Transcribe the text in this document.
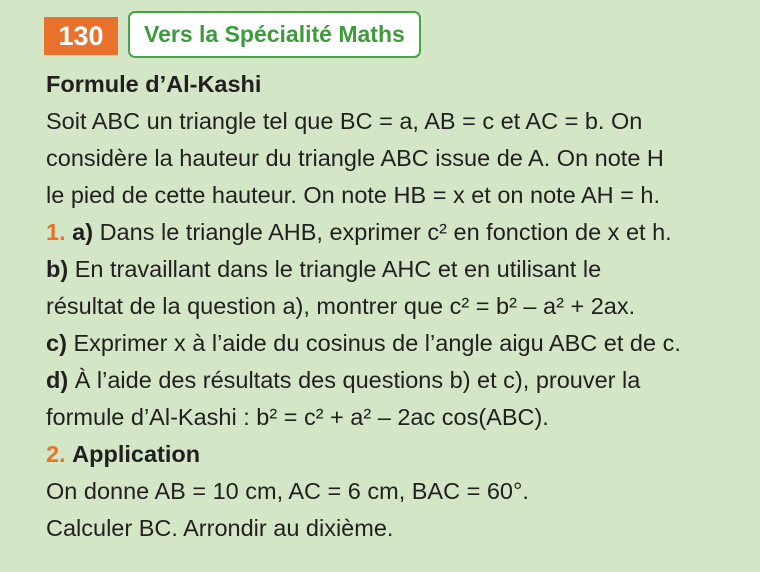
130	Vers la Spécialité Maths
Formule d’Al-Kashi
Soit ABC un triangle tel que BC = a, AB = c et AC = b. On
considère la hauteur du triangle ABC issue de A. On note H
le pied de cette hauteur. On note HB = x et on note AH = h.
1. a) Dans le triangle AHB, exprimer c² en fonction de x et h.
b) En travaillant dans le triangle AHC et en utilisant le
résultat de la question a), montrer que c² = b² – a² + 2ax.
c) Exprimer x à l’aide du cosinus de l’angle aigu ABC et de c.
d) À l’aide des résultats des questions b) et c), prouver la
formule d’Al-Kashi : b² = c² + a² – 2ac cos(ABC).
2. Application
On donne AB = 10 cm, AC = 6 cm, BAC = 60°.
Calculer BC. Arrondir au dixième.
